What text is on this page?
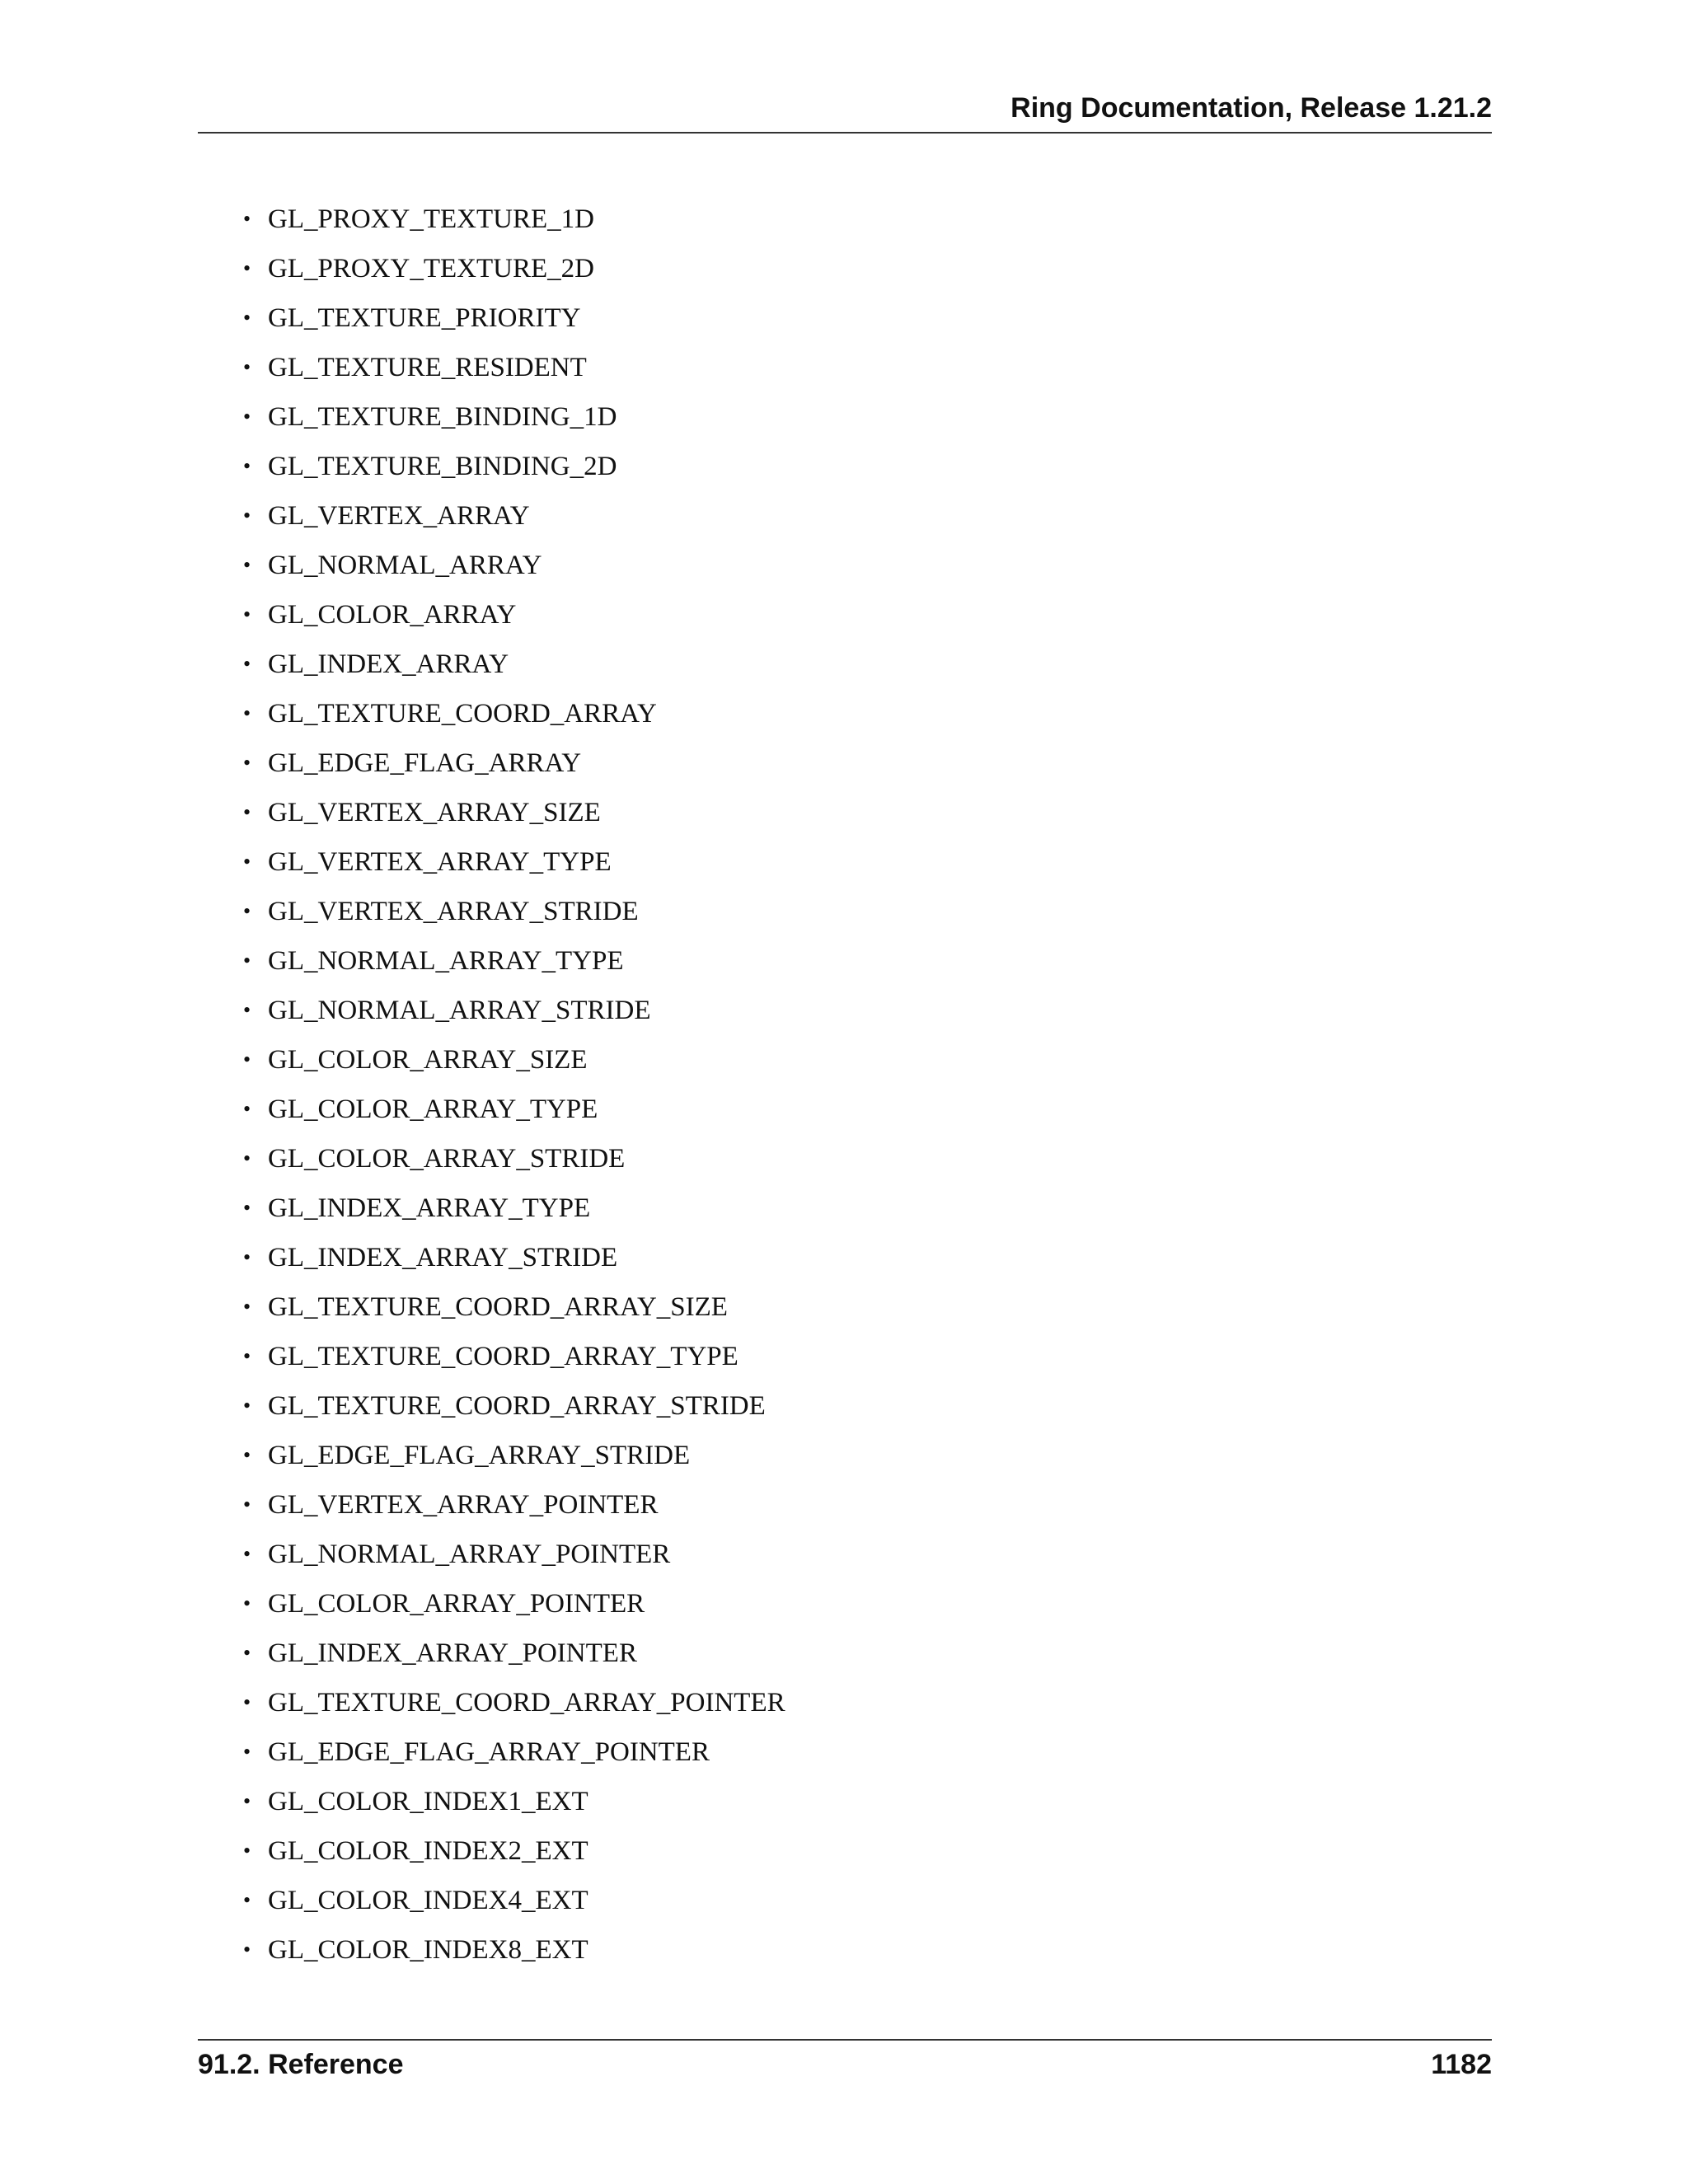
Ring Documentation, Release 1.21.2
• GL_PROXY_TEXTURE_1D
• GL_PROXY_TEXTURE_2D
• GL_TEXTURE_PRIORITY
• GL_TEXTURE_RESIDENT
• GL_TEXTURE_BINDING_1D
• GL_TEXTURE_BINDING_2D
• GL_VERTEX_ARRAY
• GL_NORMAL_ARRAY
• GL_COLOR_ARRAY
• GL_INDEX_ARRAY
• GL_TEXTURE_COORD_ARRAY
• GL_EDGE_FLAG_ARRAY
• GL_VERTEX_ARRAY_SIZE
• GL_VERTEX_ARRAY_TYPE
• GL_VERTEX_ARRAY_STRIDE
• GL_NORMAL_ARRAY_TYPE
• GL_NORMAL_ARRAY_STRIDE
• GL_COLOR_ARRAY_SIZE
• GL_COLOR_ARRAY_TYPE
• GL_COLOR_ARRAY_STRIDE
• GL_INDEX_ARRAY_TYPE
• GL_INDEX_ARRAY_STRIDE
• GL_TEXTURE_COORD_ARRAY_SIZE
• GL_TEXTURE_COORD_ARRAY_TYPE
• GL_TEXTURE_COORD_ARRAY_STRIDE
• GL_EDGE_FLAG_ARRAY_STRIDE
• GL_VERTEX_ARRAY_POINTER
• GL_NORMAL_ARRAY_POINTER
• GL_COLOR_ARRAY_POINTER
• GL_INDEX_ARRAY_POINTER
• GL_TEXTURE_COORD_ARRAY_POINTER
• GL_EDGE_FLAG_ARRAY_POINTER
• GL_COLOR_INDEX1_EXT
• GL_COLOR_INDEX2_EXT
• GL_COLOR_INDEX4_EXT
• GL_COLOR_INDEX8_EXT
91.2. Reference	1182
